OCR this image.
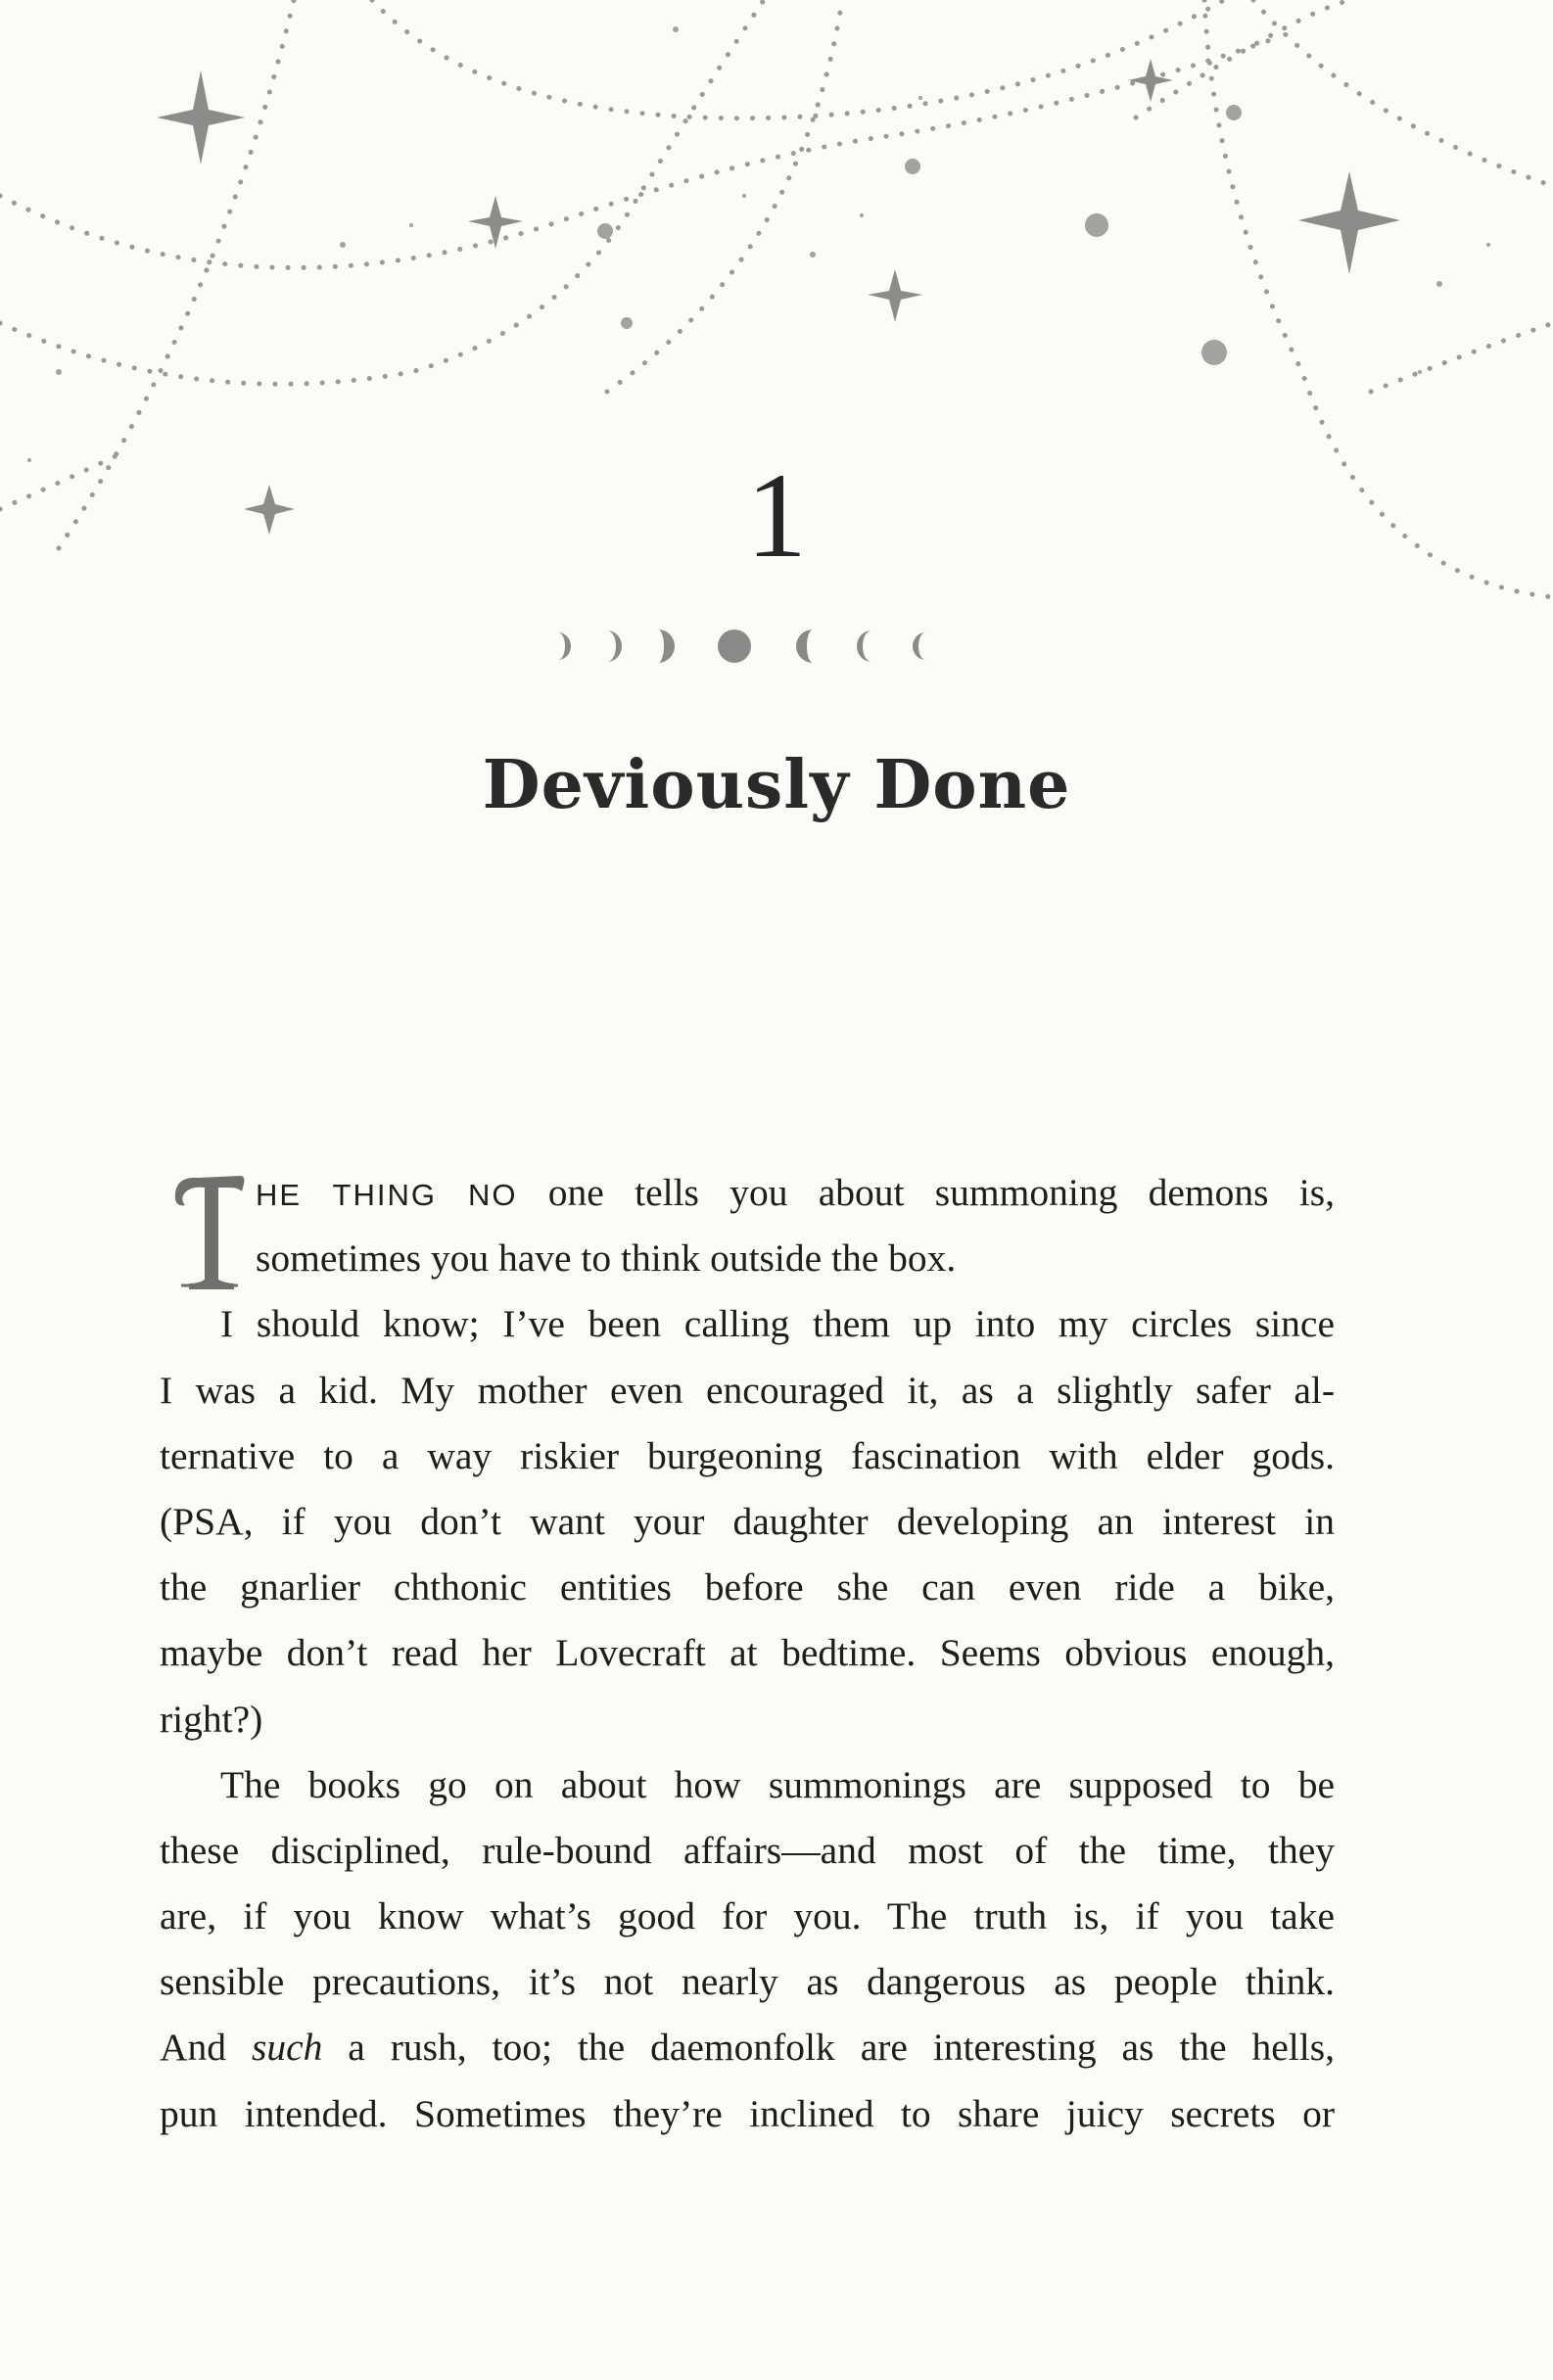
1
Deviously Done
HE THING NO one tells you about summoning demons is,
sometimes you have to think outside the box.
I should know; I’ve been calling them up into my circles since
I was a kid. My mother even encouraged it, as a slightly safer al-
ternative to a way riskier burgeoning fascination with elder gods.
(PSA, if you don’t want your daughter developing an interest in
the gnarlier chthonic entities before she can even ride a bike,
maybe don’t read her Lovecraft at bedtime. Seems obvious enough,
right?)
The books go on about how summonings are supposed to be
these disciplined, rule-bound affairs—and most of the time, they
are, if you know what’s good for you. The truth is, if you take
sensible precautions, it’s not nearly as dangerous as people think.
And such a rush, too; the daemonfolk are interesting as the hells,
pun intended. Sometimes they’re inclined to share juicy secrets or
